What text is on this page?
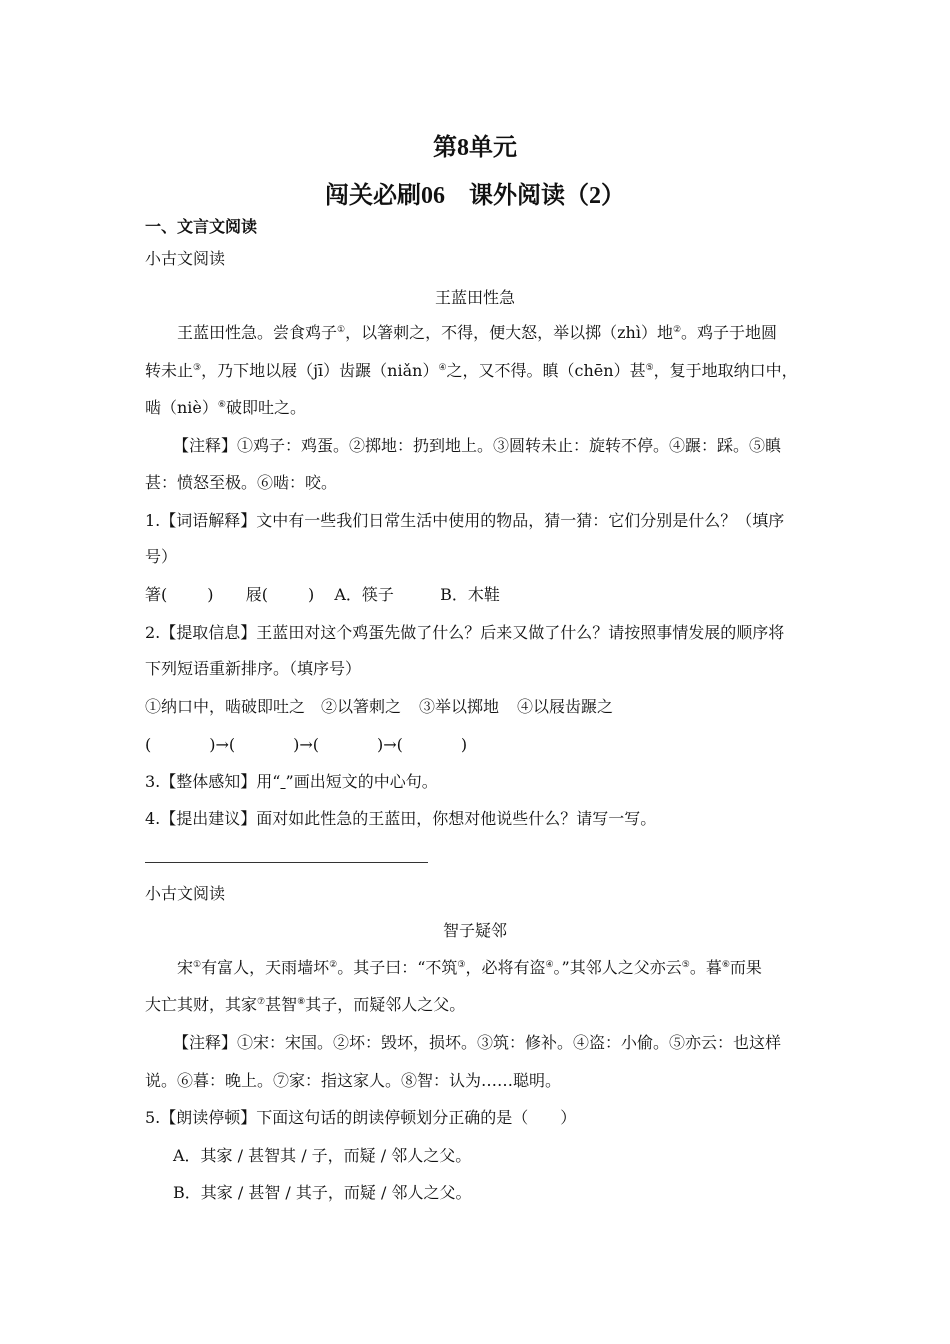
第8单元
闯关必刷06　课外阅读（2）
一、文言文阅读
小古文阅读
王蓝田性急
王蓝田性急。尝食鸡子①，以箸刺之，不得，便大怒，举以掷（zhì）地②。鸡子于地圆
转未止③，乃下地以屐（jī）齿蹍（niǎn）④之，又不得。瞋（chēn）甚⑤，复于地取纳口中，
啮（niè）⑥破即吐之。
【注释】①鸡子：鸡蛋。②掷地：扔到地上。③圆转未止：旋转不停。④蹍：踩。⑤瞋
甚：愤怒至极。⑥啮：咬。
1.【词语解释】文中有一些我们日常生活中使用的物品，猜一猜：它们分别是什么？（填序
号）
箸(	) 屐(	) A．筷子	B．木鞋
2.【提取信息】王蓝田对这个鸡蛋先做了什么？后来又做了什么？请按照事情发展的顺序将
下列短语重新排序。（填序号）
①纳口中，啮破即吐之 ②以箸刺之 ③举以掷地 ④以屐齿蹍之
(	)→(	)→(	)→(	)
3.【整体感知】用“ ”画出短文的中心句。
4.【提出建议】面对如此性急的王蓝田，你想对他说些什么？请写一写。
小古文阅读
智子疑邻
宋①有富人，天雨墙坏②。其子曰：“不筑③，必将有盗④。”其邻人之父亦云⑤。暮⑥而果
大亡其财，其家⑦甚智⑧其子，而疑邻人之父。
【注释】①宋：宋国。②坏：毁坏，损坏。③筑：修补。④盗：小偷。⑤亦云：也这样
说。⑥暮：晚上。⑦家：指这家人。⑧智：认为……聪明。
5.【朗读停顿】下面这句话的朗读停顿划分正确的是（　　）
A．其家 / 甚智其 / 子，而疑 / 邻人之父。
B．其家 / 甚智 / 其子，而疑 / 邻人之父。
